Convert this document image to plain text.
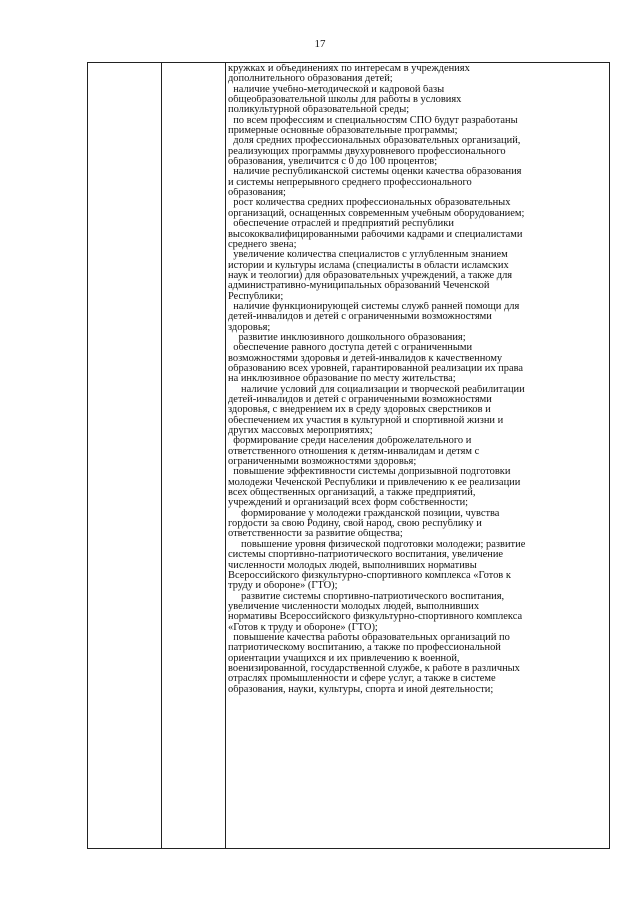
17
кружках и объединениях по интересам в учреждениях
дополнительного образования детей;
наличие учебно-методической и кадровой базы
общеобразовательной школы для работы в условиях
поликультурной образовательной среды;
по всем профессиям и специальностям СПО будут разработаны
примерные основные образовательные программы;
доля средних профессиональных образовательных организаций,
реализующих программы двухуровневого профессионального
образования, увеличится с 0 до 100 процентов;
наличие республиканской системы оценки качества образования
и системы непрерывного среднего профессионального
образования;
рост количества средних профессиональных образовательных
организаций, оснащенных современным учебным оборудованием;
обеспечение отраслей и предприятий республики
высококвалифицированными рабочими кадрами и специалистами
среднего звена;
увеличение количества специалистов с углубленным знанием
истории и культуры ислама (специалисты в области исламских
наук и теологии) для образовательных учреждений, а также для
административно-муниципальных образований Чеченской
Республики;
наличие функционирующей системы служб ранней помощи для
детей-инвалидов и детей с ограниченными возможностями
здоровья;
развитие инклюзивного дошкольного образования;
обеспечение равного доступа детей с ограниченными
возможностями здоровья и детей-инвалидов к качественному
образованию всех уровней, гарантированной реализации их права
на инклюзивное образование по месту жительства;
наличие условий для социализации и творческой реабилитации
детей-инвалидов и детей с ограниченными возможностями
здоровья, с внедрением их в среду здоровых сверстников и
обеспечением их участия в культурной и спортивной жизни и
других массовых мероприятиях;
формирование среди населения доброжелательного и
ответственного отношения к детям-инвалидам и детям с
ограниченными возможностями здоровья;
повышение эффективности системы допризывной подготовки
молодежи Чеченской Республики и привлечению к ее реализации
всех общественных организаций, а также предприятий,
учреждений и организаций всех форм собственности;
формирование у молодежи гражданской позиции, чувства
гордости за свою Родину, свой народ, свою республику и
ответственности за развитие общества;
повышение уровня физической подготовки молодежи; развитие
системы спортивно-патриотического воспитания, увеличение
численности молодых людей, выполнивших нормативы
Всероссийского физкультурно-спортивного комплекса «Готов к
труду и обороне» (ГТО);
развитие системы спортивно-патриотического воспитания,
увеличение численности молодых людей, выполнивших
нормативы Всероссийского физкультурно-спортивного комплекса
«Готов к труду и обороне» (ГТО);
повышение качества работы образовательных организаций по
патриотическому воспитанию, а также по профессиональной
ориентации учащихся и их привлечению к военной,
военизированной, государственной службе, к работе в различных
отраслях промышленности и сфере услуг, а также в системе
образования, науки, культуры, спорта и иной деятельности;
